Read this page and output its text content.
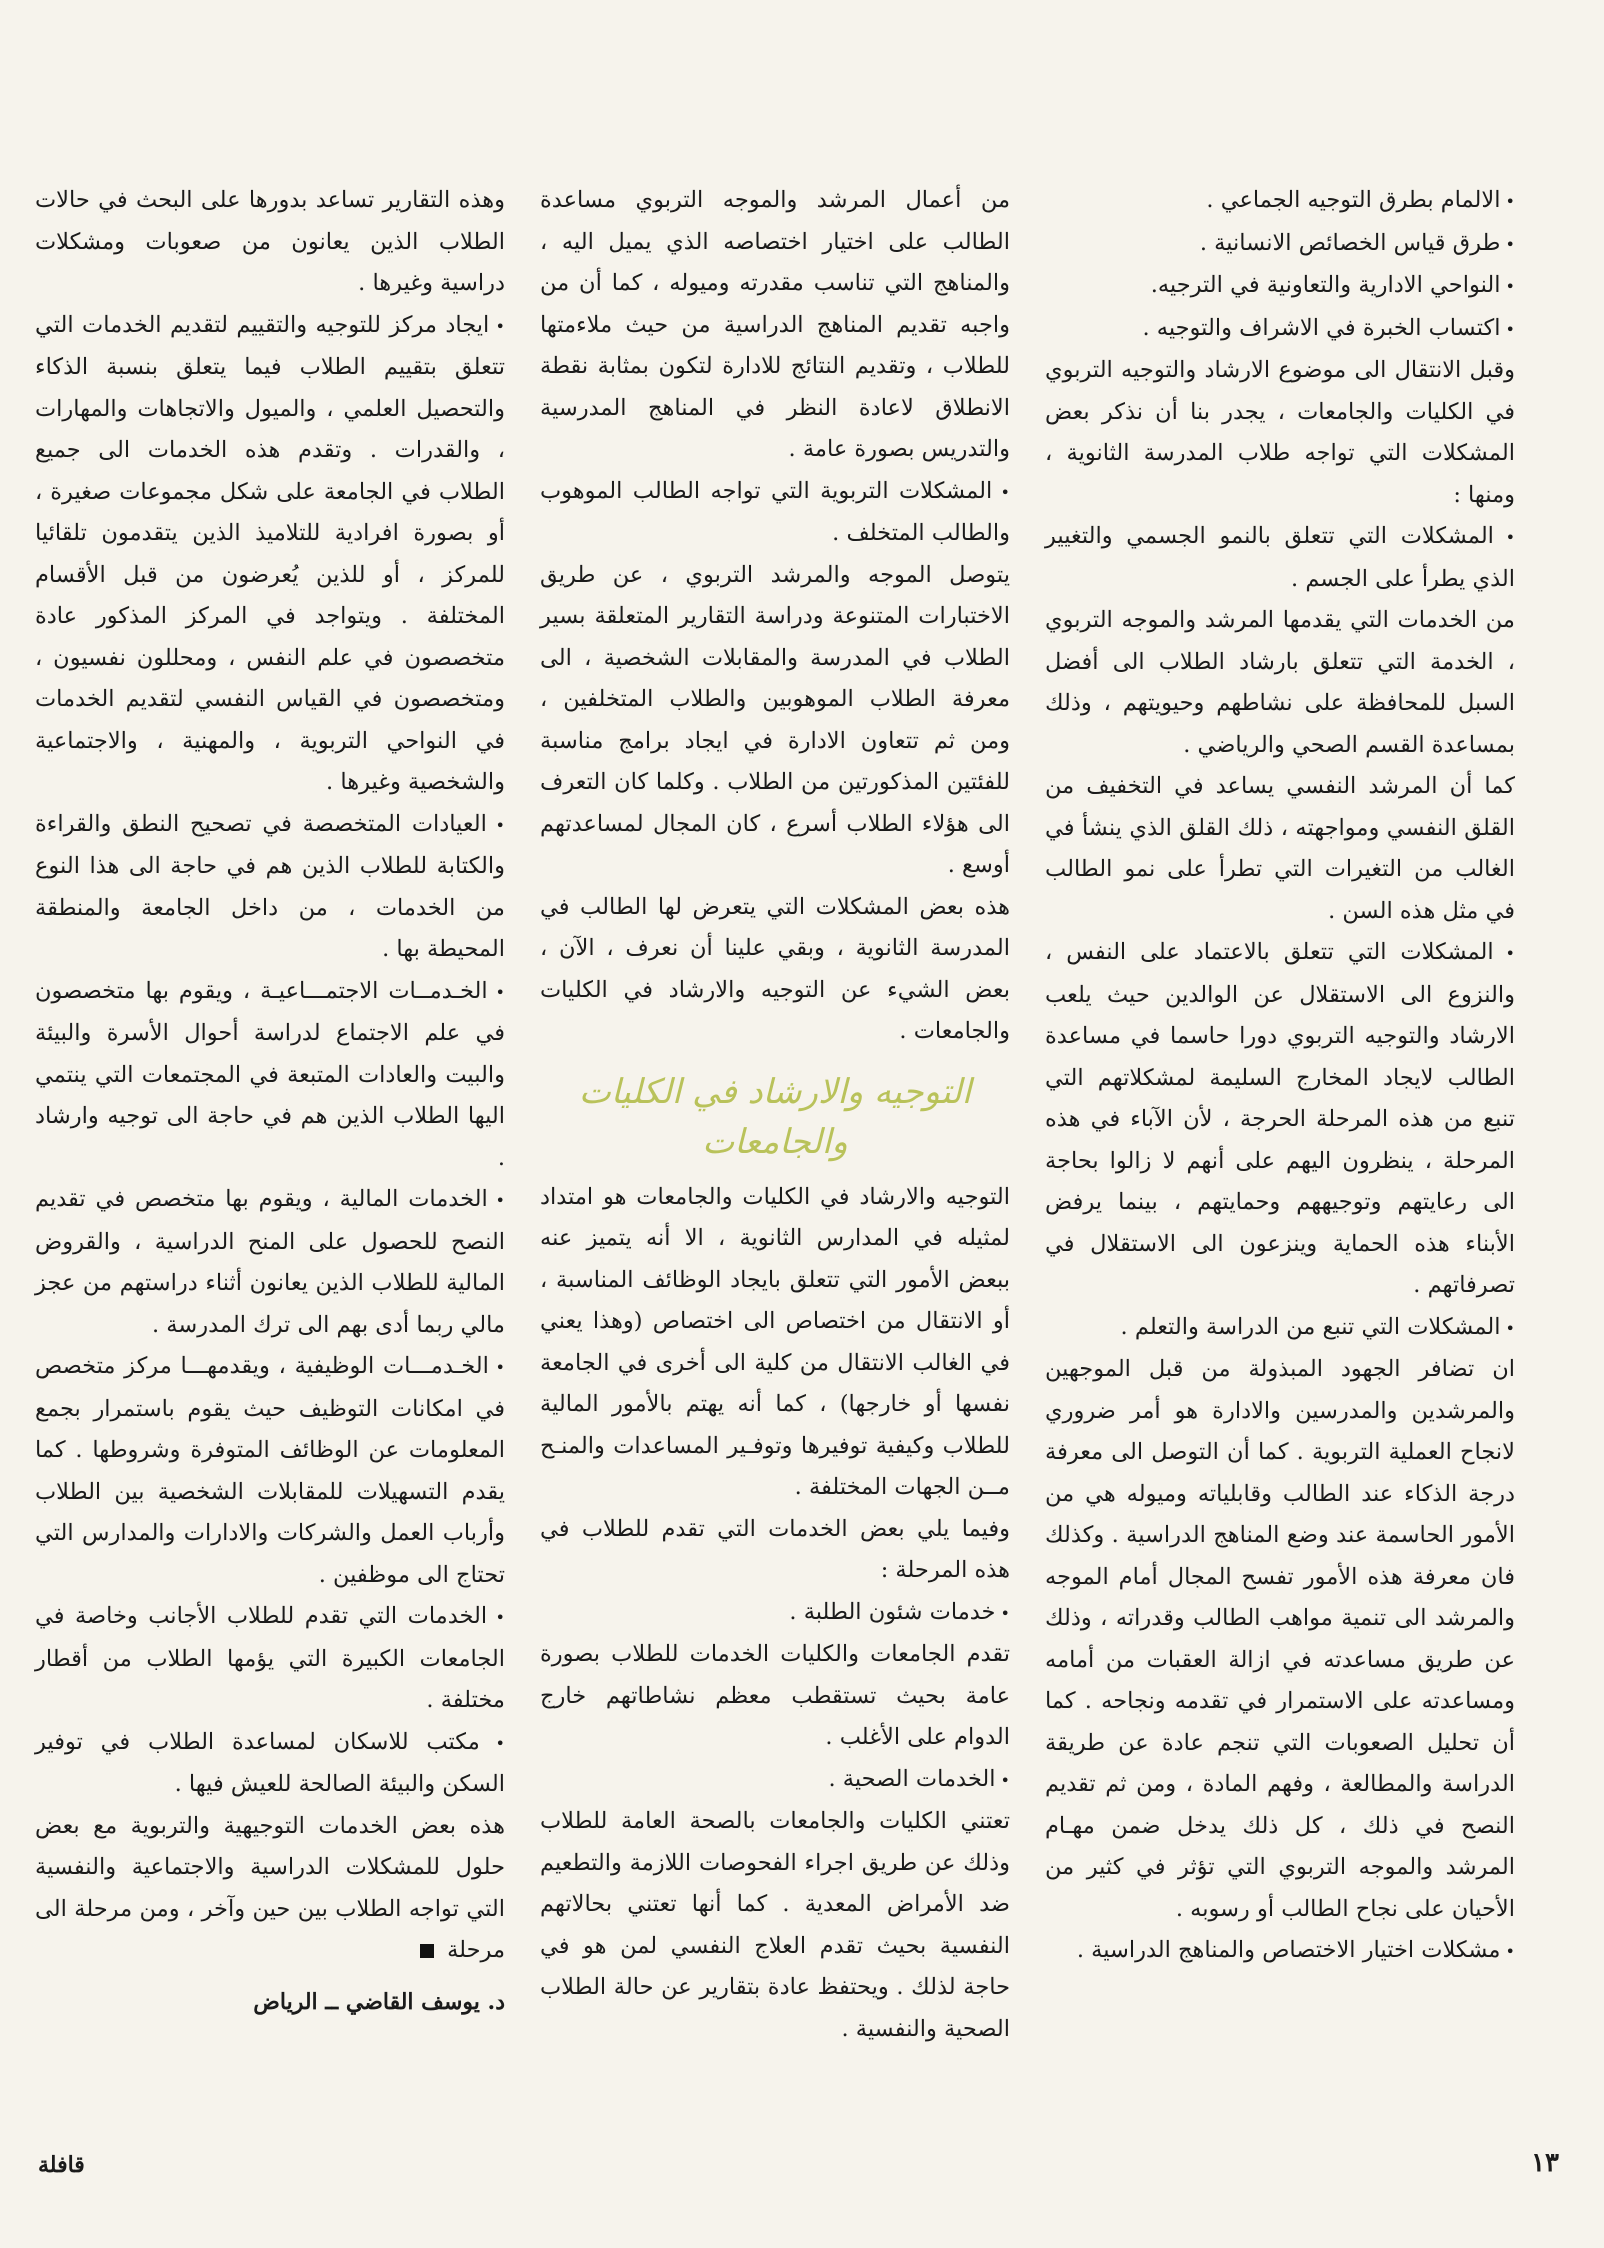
• الالمام بطرق التوجيه الجماعي .

• طرق قياس الخصائص الانسانية .

• النواحي الادارية والتعاونية في الترجيه.

• اكتساب الخبرة في الاشراف والتوجيه .

وقبل الانتقال الى موضوع الارشاد والتوجيه التربوي في الكليات والجامعات ، يجدر بنا أن نذكر بعض المشكلات التي تواجه طلاب المدرسة الثانوية ، ومنها :

• المشكلات التي تتعلق بالنمو الجسمي والتغيير الذي يطرأ على الجسم .

من الخدمات التي يقدمها المرشد والموجه التربوي ، الخدمة التي تتعلق بارشاد الطلاب الى أفضل السبل للمحافظة على نشاطهم وحيويتهم ، وذلك بمساعدة القسم الصحي والرياضي .

كما أن المرشد النفسي يساعد في التخفيف من القلق النفسي ومواجهته ، ذلك القلق الذي ينشأ في الغالب من التغيرات التي تطرأ على نمو الطالب في مثل هذه السن .

• المشكلات التي تتعلق بالاعتماد على النفس ، والنزوع الى الاستقلال عن الوالدين حيث يلعب الارشاد والتوجيه التربوي دورا حاسما في مساعدة الطالب لايجاد المخارج السليمة لمشكلاتهم التي تنبع من هذه المرحلة الحرجة ، لأن الآباء في هذه المرحلة ، ينظرون اليهم على أنهم لا زالوا بحاجة الى رعايتهم وتوجيههم وحمايتهم ، بينما يرفض الأبناء هذه الحماية وينزعون الى الاستقلال في تصرفاتهم .

• المشكلات التي تنبع من الدراسة والتعلم .

ان تضافر الجهود المبذولة من قبل الموجهين والمرشدين والمدرسين والادارة هو أمر ضروري لانجاح العملية التربوية . كما أن التوصل الى معرفة درجة الذكاء عند الطالب وقابلياته وميوله هي من الأمور الحاسمة عند وضع المناهج الدراسية . وكذلك فان معرفة هذه الأمور تفسح المجال أمام الموجه والمرشد الى تنمية مواهب الطالب وقدراته ، وذلك عن طريق مساعدته في ازالة العقبات من أمامه ومساعدته على الاستمرار في تقدمه ونجاحه . كما أن تحليل الصعوبات التي تنجم عادة عن طريقة الدراسة والمطالعة ، وفهم المادة ، ومن ثم تقديم النصح في ذلك ، كل ذلك يدخل ضمن مهـام المرشد والموجه التربوي التي تؤثر في كثير من الأحيان على نجاح الطالب أو رسوبه .

• مشكلات اختيار الاختصاص والمناهج الدراسية .

من أعمال المرشد والموجه التربوي مساعدة الطالب على اختيار اختصاصه الذي يميل اليه ، والمناهج التي تناسب مقدرته وميوله ، كما أن من واجبه تقديم المناهج الدراسية من حيث ملاءمتها للطلاب ، وتقديم النتائج للادارة لتكون بمثابة نقطة الانطلاق لاعادة النظر في المناهج المدرسية والتدريس بصورة عامة .

• المشكلات التربوية التي تواجه الطالب الموهوب والطالب المتخلف .

يتوصل الموجه والمرشد التربوي ، عن طريق الاختبارات المتنوعة ودراسة التقارير المتعلقة بسير الطلاب في المدرسة والمقابلات الشخصية ، الى معرفة الطلاب الموهوبين والطلاب المتخلفين ، ومن ثم تتعاون الادارة في ايجاد برامج مناسبة للفئتين المذكورتين من الطلاب . وكلما كان التعرف الى هؤلاء الطلاب أسرع ، كان المجال لمساعدتهم أوسع .

هذه بعض المشكلات التي يتعرض لها الطالب في المدرسة الثانوية ، وبقي علينا أن نعرف ، الآن ، بعض الشيء عن التوجيه والارشاد في الكليات والجامعات .

التوجيه والارشاد في الكليات والجامعات

التوجيه والارشاد في الكليات والجامعات هو امتداد لمثيله في المدارس الثانوية ، الا أنه يتميز عنه ببعض الأمور التي تتعلق بايجاد الوظائف المناسبة ، أو الانتقال من اختصاص الى اختصاص (وهذا يعني في الغالب الانتقال من كلية الى أخرى في الجامعة نفسها أو خارجها) ، كما أنه يهتم بالأمور المالية للطلاب وكيفية توفيرها وتوفـير المساعدات والمنـح مــن الجهات المختلفة .

وفيما يلي بعض الخدمات التي تقدم للطلاب في هذه المرحلة :

• خدمات شئون الطلبة .

تقدم الجامعات والكليات الخدمات للطلاب بصورة عامة بحيث تستقطب معظم نشاطاتهم خارج الدوام على الأغلب .

• الخدمات الصحية .

تعتني الكليات والجامعات بالصحة العامة للطلاب وذلك عن طريق اجراء الفحوصات اللازمة والتطعيم ضد الأمراض المعدية . كما أنها تعتني بحالاتهم النفسية بحيث تقدم العلاج النفسي لمن هو في حاجة لذلك . ويحتفظ عادة بتقارير عن حالة الطلاب الصحية والنفسية .

وهذه التقارير تساعد بدورها على البحث في حالات الطلاب الذين يعانون من صعوبات ومشكلات دراسية وغيرها .

• ايجاد مركز للتوجيه والتقييم لتقديم الخدمات التي تتعلق بتقييم الطلاب فيما يتعلق بنسبة الذكاء والتحصيل العلمي ، والميول والاتجاهات والمهارات ، والقدرات . وتقدم هذه الخدمات الى جميع الطلاب في الجامعة على شكل مجموعات صغيرة ، أو بصورة افرادية للتلاميذ الذين يتقدمون تلقائيا للمركز ، أو للذين يُعرضون من قبل الأقسام المختلفة . ويتواجد في المركز المذكور عادة متخصصون في علم النفس ، ومحللون نفسيون ، ومتخصصون في القياس النفسي لتقديم الخدمات في النواحي التربوية ، والمهنية ، والاجتماعية والشخصية وغيرها .

• العيادات المتخصصة في تصحيح النطق والقراءة والكتابة للطلاب الذين هم في حاجة الى هذا النوع من الخدمات ، من داخل الجامعة والمنطقة المحيطة بها .

• الخـدمــات الاجتمـــاعيـة ، ويقوم بها متخصصون في علم الاجتماع لدراسة أحوال الأسرة والبيئة والبيت والعادات المتبعة في المجتمعات التي ينتمي اليها الطلاب الذين هم في حاجة الى توجيه وارشاد .

• الخدمات المالية ، ويقوم بها متخصص في تقديم النصح للحصول على المنح الدراسية ، والقروض المالية للطلاب الذين يعانون أثناء دراستهم من عجز مالي ربما أدى بهم الى ترك المدرسة .

• الخـدمـــات الوظيفية ، ويقدمهـــا مركز متخصص في امكانات التوظيف حيث يقوم باستمرار بجمع المعلومات عن الوظائف المتوفرة وشروطها . كما يقدم التسهيلات للمقابلات الشخصية بين الطلاب وأرباب العمل والشركات والادارات والمدارس التي تحتاج الى موظفين .

• الخدمات التي تقدم للطلاب الأجانب وخاصة في الجامعات الكبيرة التي يؤمها الطلاب من أقطار مختلفة .

• مكتب للاسكان لمساعدة الطلاب في توفير السكن والبيئة الصالحة للعيش فيها .

هذه بعض الخدمات التوجيهية والتربوية مع بعض حلول للمشكلات الدراسية والاجتماعية والنفسية التي تواجه الطلاب بين حين وآخر ، ومن مرحلة الى مرحلة

د. يوسف القاضي ــ الرياض
١٣
قافلة
